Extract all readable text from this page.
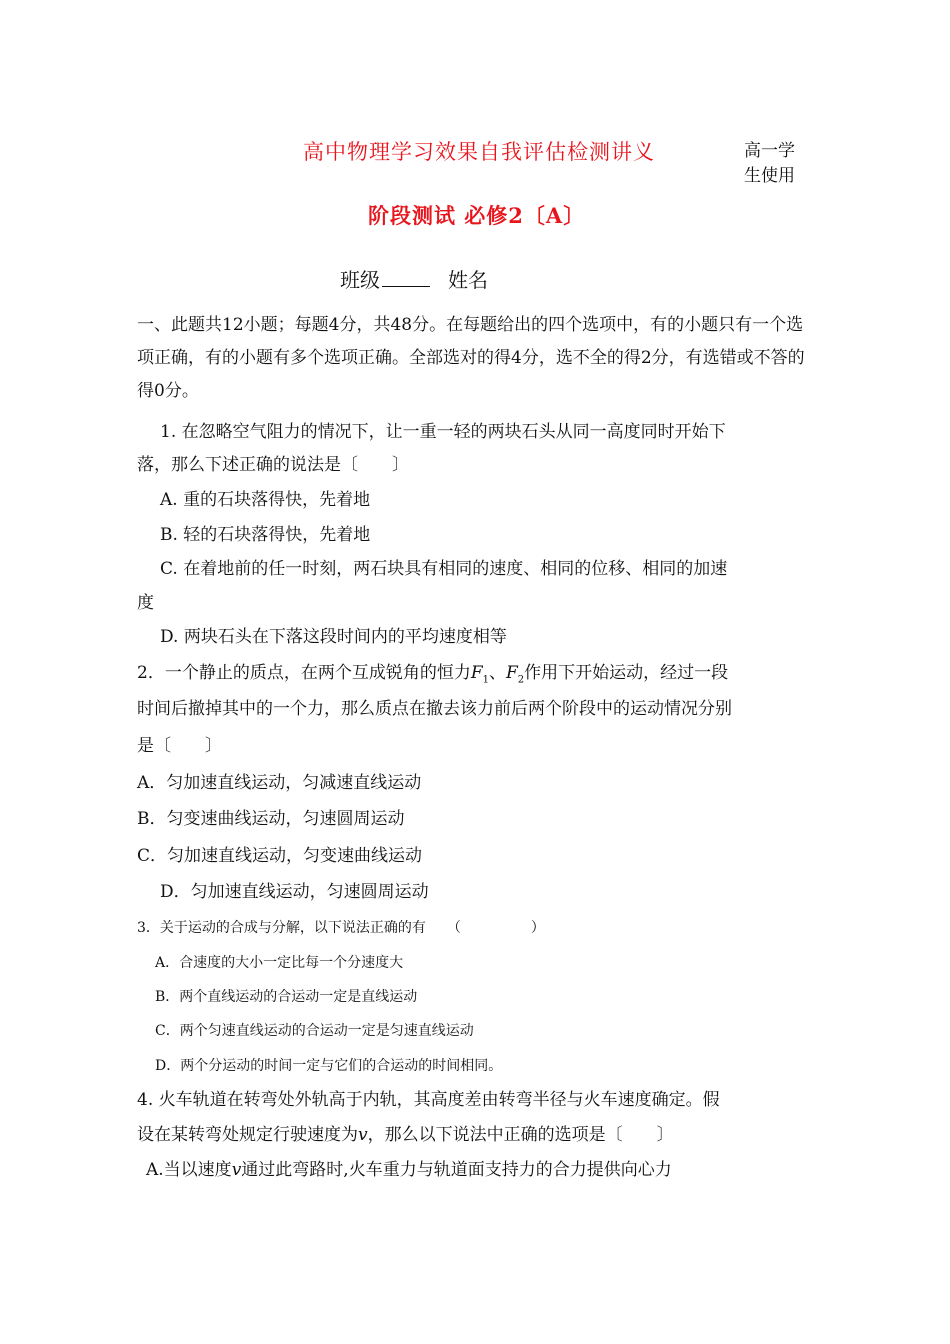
高中物理学习效果自我评估检测讲义	高一学生使用
阶段测试 必修2〔A〕
班级	姓名
一、此题共12小题；每题4分，共48分。在每题给出的四个选项中，有的小题只有一个选项正确，有的小题有多个选项正确。全部选对的得4分，选不全的得2分，有选错或不答的得0分。
1. 在忽略空气阻力的情况下，让一重一轻的两块石头从同一高度同时开始下
落，那么下述正确的说法是〔　　〕
A. 重的石块落得快，先着地
B. 轻的石块落得快，先着地
C. 在着地前的任一时刻，两石块具有相同的速度、相同的位移、相同的加速
度
D. 两块石头在下落这段时间内的平均速度相等
2．一个静止的质点，在两个互成锐角的恒力$F_1$、$F_2$作用下开始运动，经过一段
时间后撤掉其中的一个力，那么质点在撤去该力前后两个阶段中的运动情况分别
是〔　　〕
A．匀加速直线运动，匀减速直线运动
B．匀变速曲线运动，匀速圆周运动
C．匀加速直线运动，匀变速曲线运动
D．匀加速直线运动，匀速圆周运动
3．关于运动的合成与分解，以下说法正确的有　　（　　　　　）
A．合速度的大小一定比每一个分速度大
B．两个直线运动的合运动一定是直线运动
C．两个匀速直线运动的合运动一定是匀速直线运动
D．两个分运动的时间一定与它们的合运动的时间相同。
4. 火车轨道在转弯处外轨高于内轨，其高度差由转弯半径与火车速度确定。假
设在某转弯处规定行驶速度为v，那么以下说法中正确的选项是〔　　〕
A.当以速度v通过此弯路时,火车重力与轨道面支持力的合力提供向心力
